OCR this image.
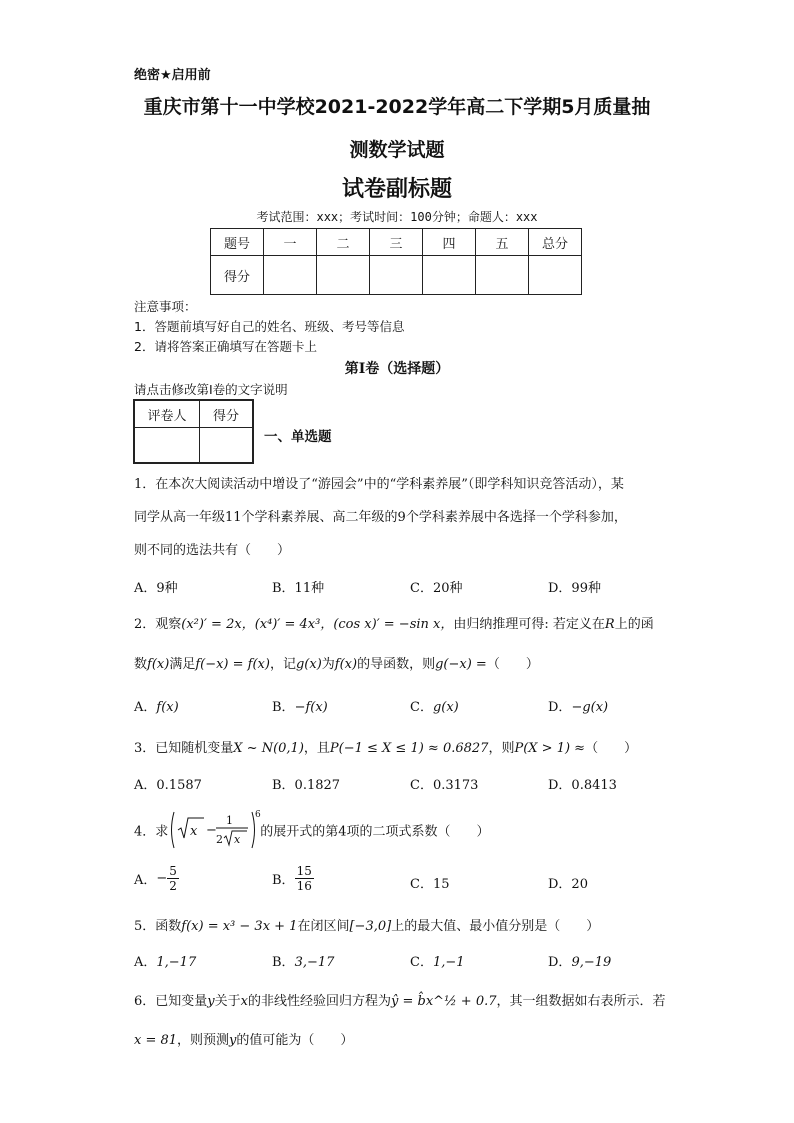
绝密★启用前
重庆市第十一中学校2021-2022学年高二下学期5月质量抽
测数学试题
试卷副标题
考试范围：xxx；考试时间：100分钟；命题人：xxx
题号	一	二	三	四	五	总分
得分						
注意事项：
1．答题前填写好自己的姓名、班级、考号等信息
2．请将答案正确填写在答题卡上
第I卷（选择题）
请点击修改第I卷的文字说明
评卷人	得分

一、单选题
1．在本次大阅读活动中增设了“游园会”中的“学科素养展”（即学科知识竞答活动），某
同学从高一年级11个学科素养展、高二年级的9个学科素养展中各选择一个学科参加，
则不同的选法共有（　　）
A．9种	B．11种	C．20种	D．99种
2．观察(x²)′ = 2x，(x⁴)′ = 4x³，(cos x)′ = −sin x，由归纳推理可得: 若定义在R上的函
数f(x)满足f(−x) = f(x)，记g(x)为f(x)的导函数，则g(−x) =（　　）
A．f(x)	B．−f(x)	C．g(x)	D．−g(x)
3．已知随机变量X ~ N(0,1)，且P(−1 ≤ X ≤ 1) ≈ 0.6827，则P(X > 1) ≈（　　）
A．0.1587	B．0.1827	C．0.3173	D．0.8413
4．求 x −
1
2 x
6
的展开式的第4项的二项式系数（　　）
A．− $\frac{5}{2}$	B． $\frac{15}{16}$	C．15	D．20
5．函数f(x) = x³ − 3x + 1在闭区间[−3,0]上的最大值、最小值分别是（　　）
A．1,−17	B．3,−17	C．1,−1	D．9,−19
6．已知变量y关于x的非线性经验回归方程为ŷ = b̂x^½ + 0.7，其一组数据如右表所示．若
x = 81，则预测y的值可能为（　　）
